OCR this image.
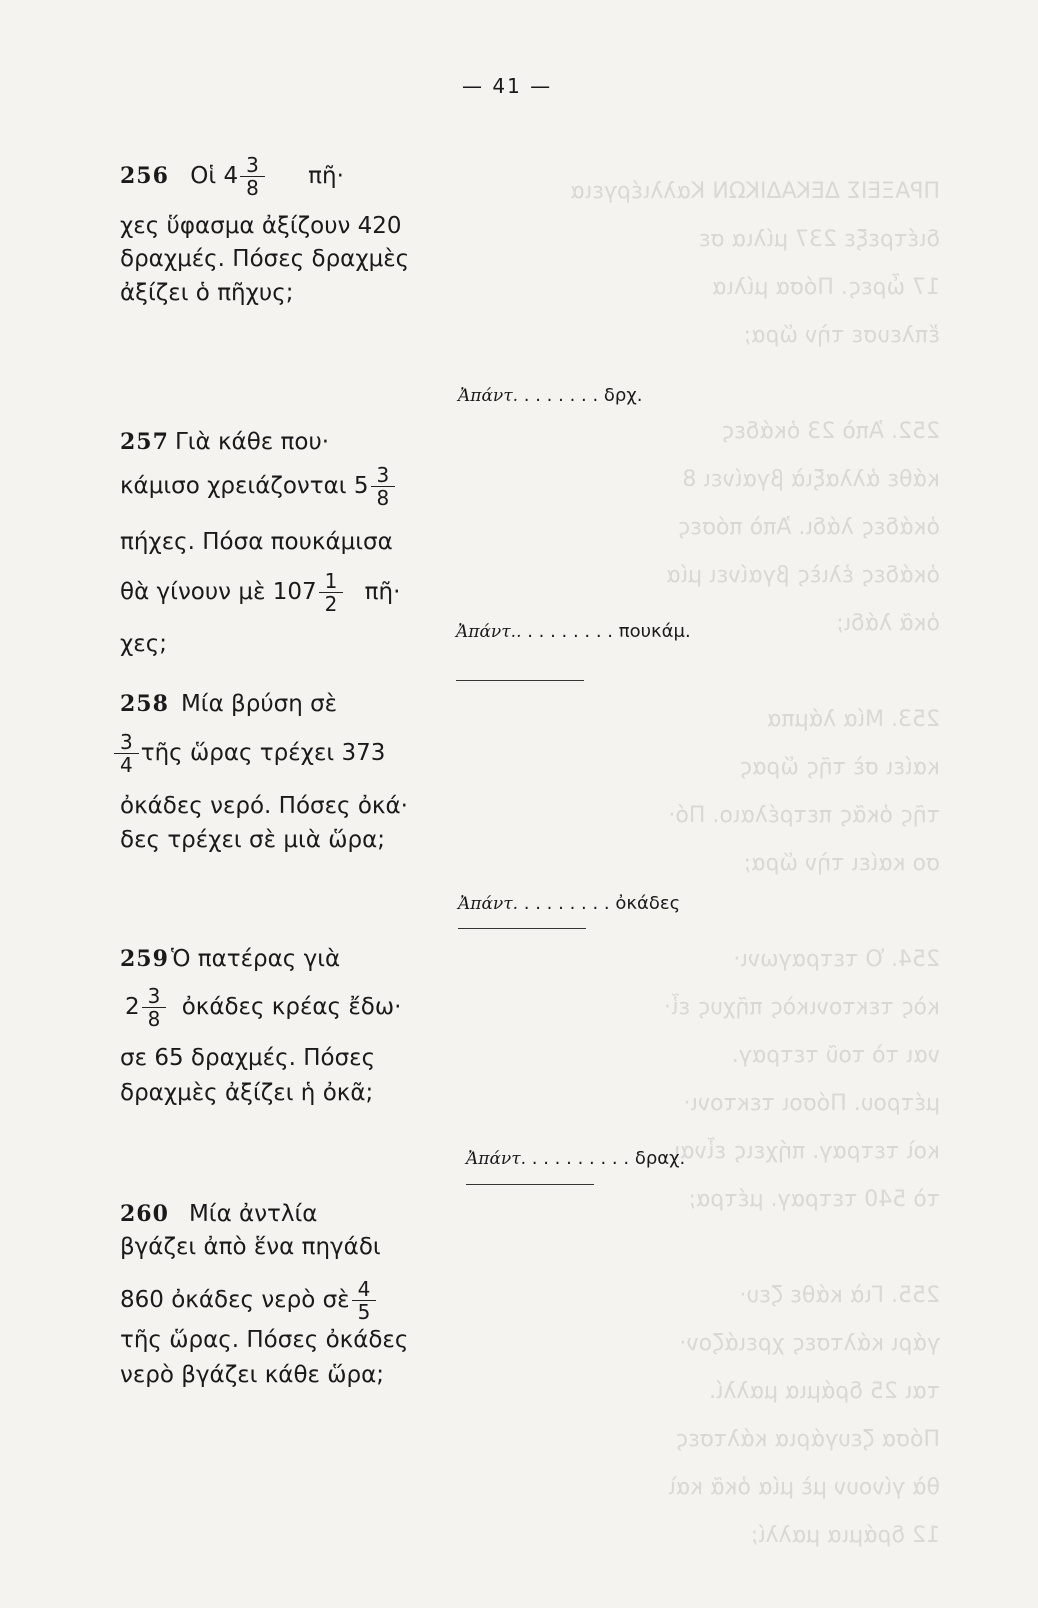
ΠΡΑΞΕΙΣ ΔΕΚΑΔΙΚΩΝ Καλλιέργεια
διέτρεξε 237 μίλια σε
17 ὧρες. Πόσα μίλια
ἔπλευσε τὴν ὥρα;

252. Ἀπὸ 23 ὀκάδες
κάθε ἀλλαξιὰ βγαίνει 8
ὀκάδες λάδι. Ἀπὸ πόσες
ὀκάδες ἐλιὲς βγαίνει μία
ὀκᾶ λάδι;

253. Μία λάμπα
καίει σὲ τῆς ὥρας
τῆς ὀκᾶς πετρέλαιο. Πό·
σο καίει τὴν ὥρα;

254. Ὁ τετραγωνι·
κὸς τεκτονικὸς πῆχυς εἶ·
ναι τὸ τοῦ τετραγ.
μέτρου. Πόσοι τεκτονι·
κοὶ τετραγ. πήχεις εἶναι
τὸ 540 τετραγ. μέτρα;

255. Γιὰ κάθε ζευ·
γάρι κάλτσες χρειάζον·
ται 25 δράμια μαλλί.
Πόσα ζευγάρια κάλτσες
θὰ γίνουν μὲ μία ὀκᾶ καὶ
12 δράμια μαλλί;

— 41 —
256 Οἱ $4 \frac{3}{8}$ πῆ·
χες ὕφασμα ἀξίζουν 420
δραχμές. Πόσες δραχμὲς
ἀξίζει ὁ πῆχυς;
Ἀπάντ. . . . . . . . δρχ.
257 Γιὰ κάθε που·
κάμισο χρειάζονται $5 \frac{3}{8}$
πήχες. Πόσα πουκάμισα
θὰ γίνουν μὲ $107 \frac{1}{2}$ πῆ·
χες;	Ἀπάντ.. . . . . . . . . πουκάμ.
258 Μία βρύση σὲ
$\frac{3}{4}$ τῆς ὥρας τρέχει 373
ὀκάδες νερό. Πόσες ὀκά·
δες τρέχει σὲ μιὰ ὥρα;
Ἀπάντ. . . . . . . . . ὀκάδες
259Ὁ πατέρας γιὰ
$2 \frac{3}{8}$ ὀκάδες κρέας ἔδω·
σε 65 δραχμές. Πόσες
δραχμὲς ἀξίζει ἡ ὀκᾶ;
Ἀπάντ. . . . . . . . . . δραχ.
260 Μία ἀντλία
βγάζει ἀπὸ ἕνα πηγάδι
860 ὀκάδες νερὸ σὲ $\frac{4}{5}$
τῆς ὥρας. Πόσες ὀκάδες
νερὸ βγάζει κάθε ὥρα;
